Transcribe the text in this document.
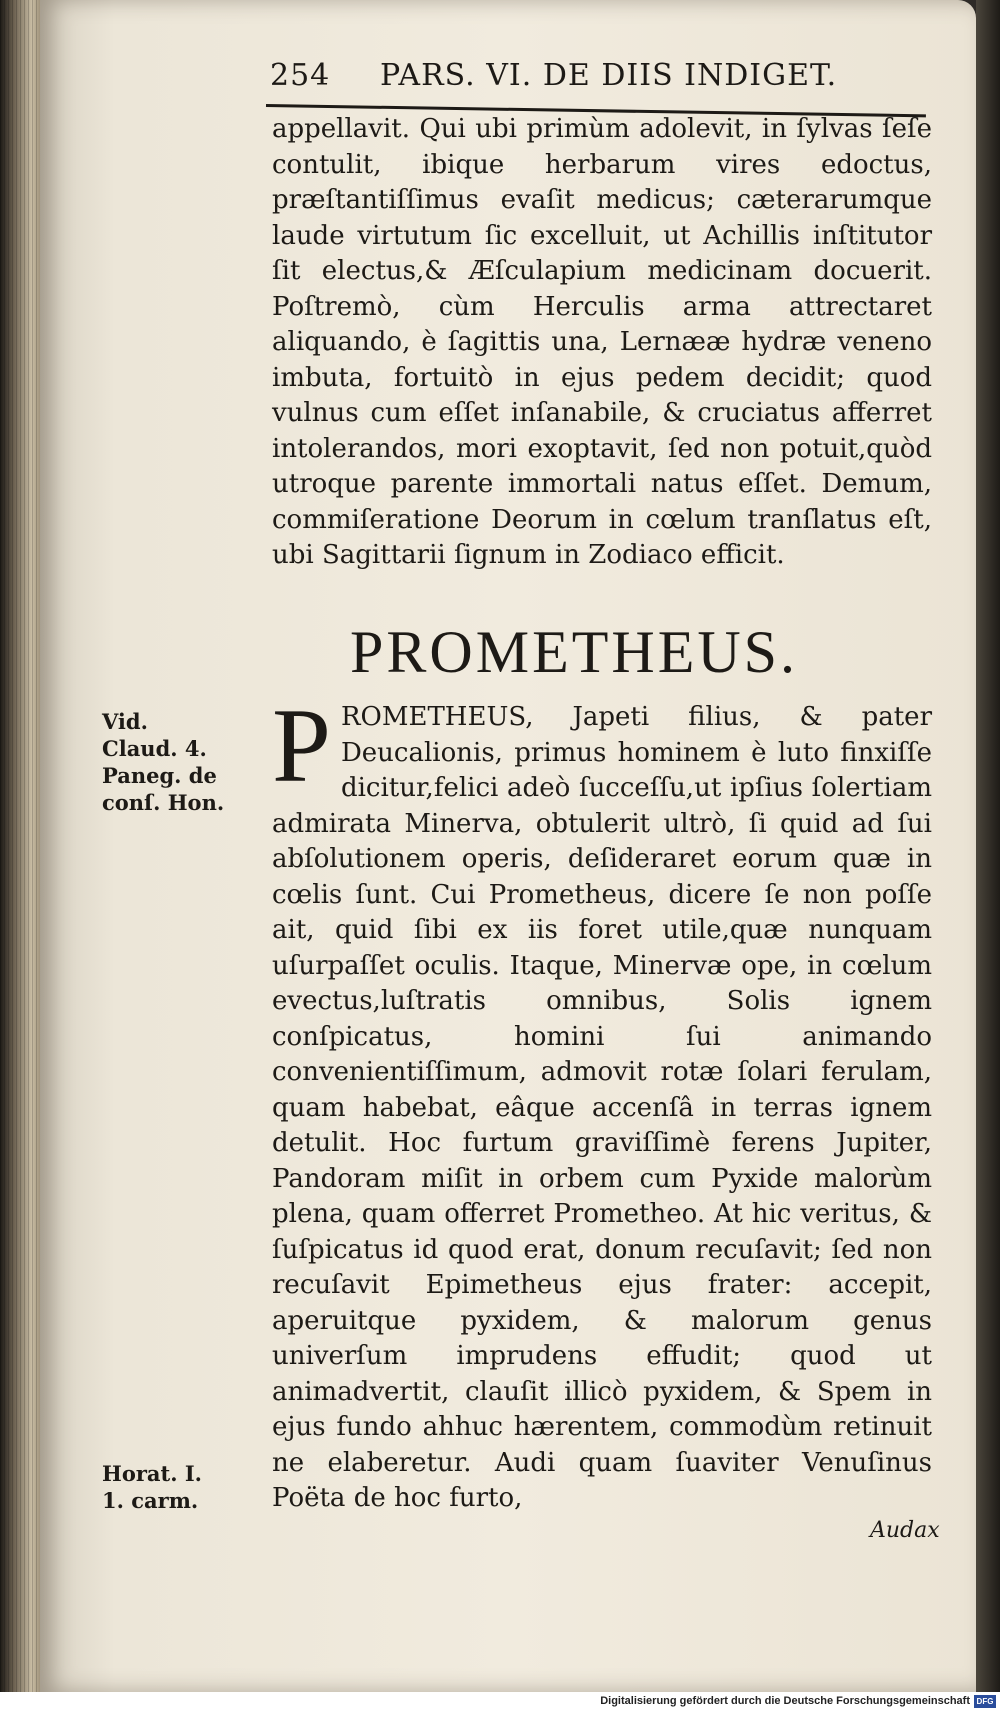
254 PARS. VI. DE DIIS INDIGET.

appellavit. Qui ubi primùm adolevit, in ſylvas ſeſe contulit, ibique herbarum vires edoctus, præſtantiſſimus evaſit medicus; cæterarumque laude virtutum ſic excelluit, ut Achillis inſtitutor ſit electus,& Æſculapium medicinam docuerit. Poſtremò, cùm Herculis arma attrectaret aliquando, è ſagittis una, Lernææ hydræ veneno imbuta, fortuitò in ejus pedem decidit; quod vulnus cum eſſet inſanabile, & cruciatus afferret intolerandos, mori exoptavit, ſed non potuit,quòd utroque parente immortali natus eſſet. Demum, commiſeratione Deorum in cœlum tranſlatus eſt, ubi Sagittarii ſignum in Zodiaco efficit.

PROMETHEUS.
P ROMETHEUS, Japeti filius, & pater Deucalionis, primus hominem è luto finxiſſe dicitur,felici adeò ſucceſſu,ut ipſius ſolertiam admirata Minerva, obtulerit ultrò, ſi quid ad ſui abſolutionem operis, deſideraret eorum quæ in cœlis ſunt. Cui Prometheus, dicere ſe non poſſe ait, quid ſibi ex iis foret utile,quæ nunquam uſurpaſſet oculis. Itaque, Minervæ ope, in cœlum evectus,luſtratis omnibus, Solis ignem conſpicatus, homini ſui animando convenientiſſimum, admovit rotæ ſolari ferulam, quam habebat, eâque accenſâ in terras ignem detulit. Hoc furtum graviſſimè ferens Jupiter, Pandoram miſit in orbem cum Pyxide malorùm plena, quam offerret Prometheo. At hic veritus, & ſuſpicatus id quod erat, donum recuſavit; ſed non recuſavit Epimetheus ejus frater: accepit, aperuitque pyxidem, & malorum genus univerſum imprudens effudit; quod ut animadvertit, clauſit illicò pyxidem, & Spem in ejus fundo ahhuc hærentem, commodùm retinuit ne elaberetur. Audi quam ſuaviter Venuſinus Poëta de hoc furto,

Vid.
Claud. 4.
Paneg. de
conſ. Hon.
Horat. I.
1. carm.
Audax
Digitalisierung gefördert durch die Deutsche Forschungsgemeinschaft DFG
